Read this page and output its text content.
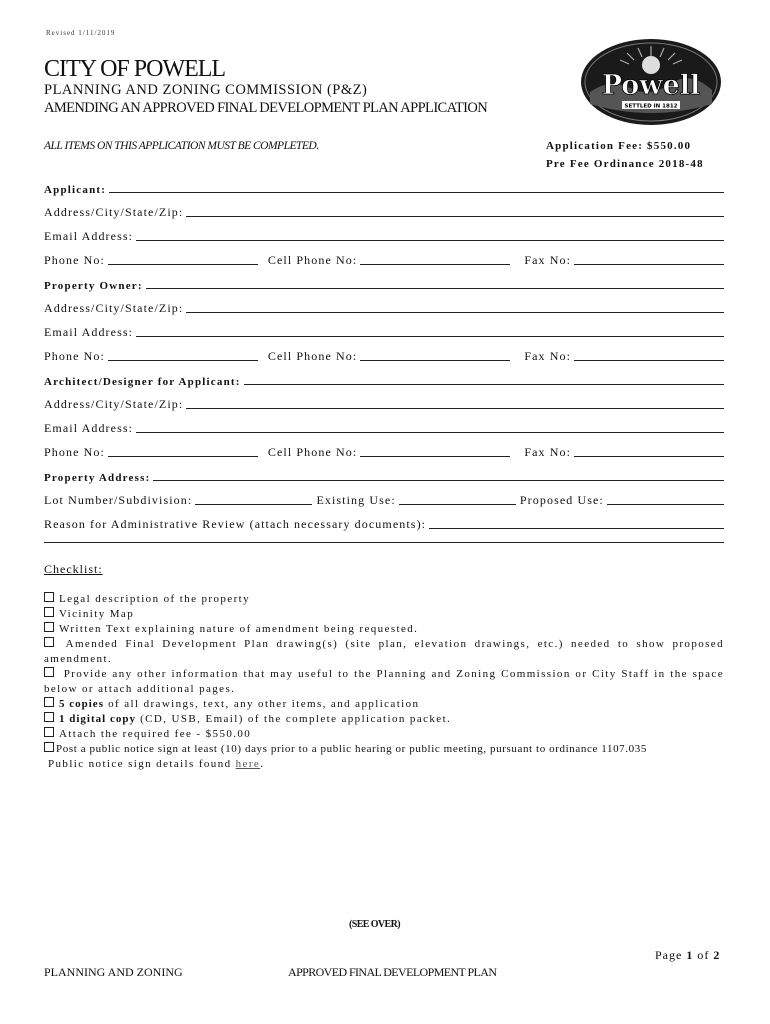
Revised 1/11/2019
CITY OF POWELL
PLANNING AND ZONING COMMISSION (P&Z)
AMENDING AN APPROVED FINAL DEVELOPMENT PLAN APPLICATION
ALL ITEMS ON THIS APPLICATION MUST BE COMPLETED.	Application Fee: $550.00
Pre Fee Ordinance 2018-48
Powell
SETTLED IN 1812
Applicant:
Address/City/State/Zip:
Email Address:
Phone No:	Cell Phone No:	Fax No:
Property Owner:
Address/City/State/Zip:
Email Address:
Phone No:	Cell Phone No:	Fax No:
Architect/Designer for Applicant:
Address/City/State/Zip:
Email Address:
Phone No:	Cell Phone No:	Fax No:
Property Address:
Lot Number/Subdivision:	Existing Use:	Proposed Use:
Reason for Administrative Review (attach necessary documents):
Checklist:
Legal description of the property
Vicinity Map
Written Text explaining nature of amendment being requested.
Amended Final Development Plan drawing(s) (site plan, elevation drawings, etc.) needed to show proposed amendment.
Provide any other information that may useful to the Planning and Zoning Commission or City Staff in the space below or attach additional pages.
5 copies of all drawings, text, any other items, and application
1 digital copy (CD, USB, Email) of the complete application packet.
Attach the required fee - $550.00
Post a public notice sign at least (10) days prior to a public hearing or public meeting, pursuant to ordinance 1107.035
Public notice sign details found here.
(SEE OVER)
Page 1 of 2
PLANNING AND ZONING	APPROVED FINAL DEVELOPMENT PLAN
